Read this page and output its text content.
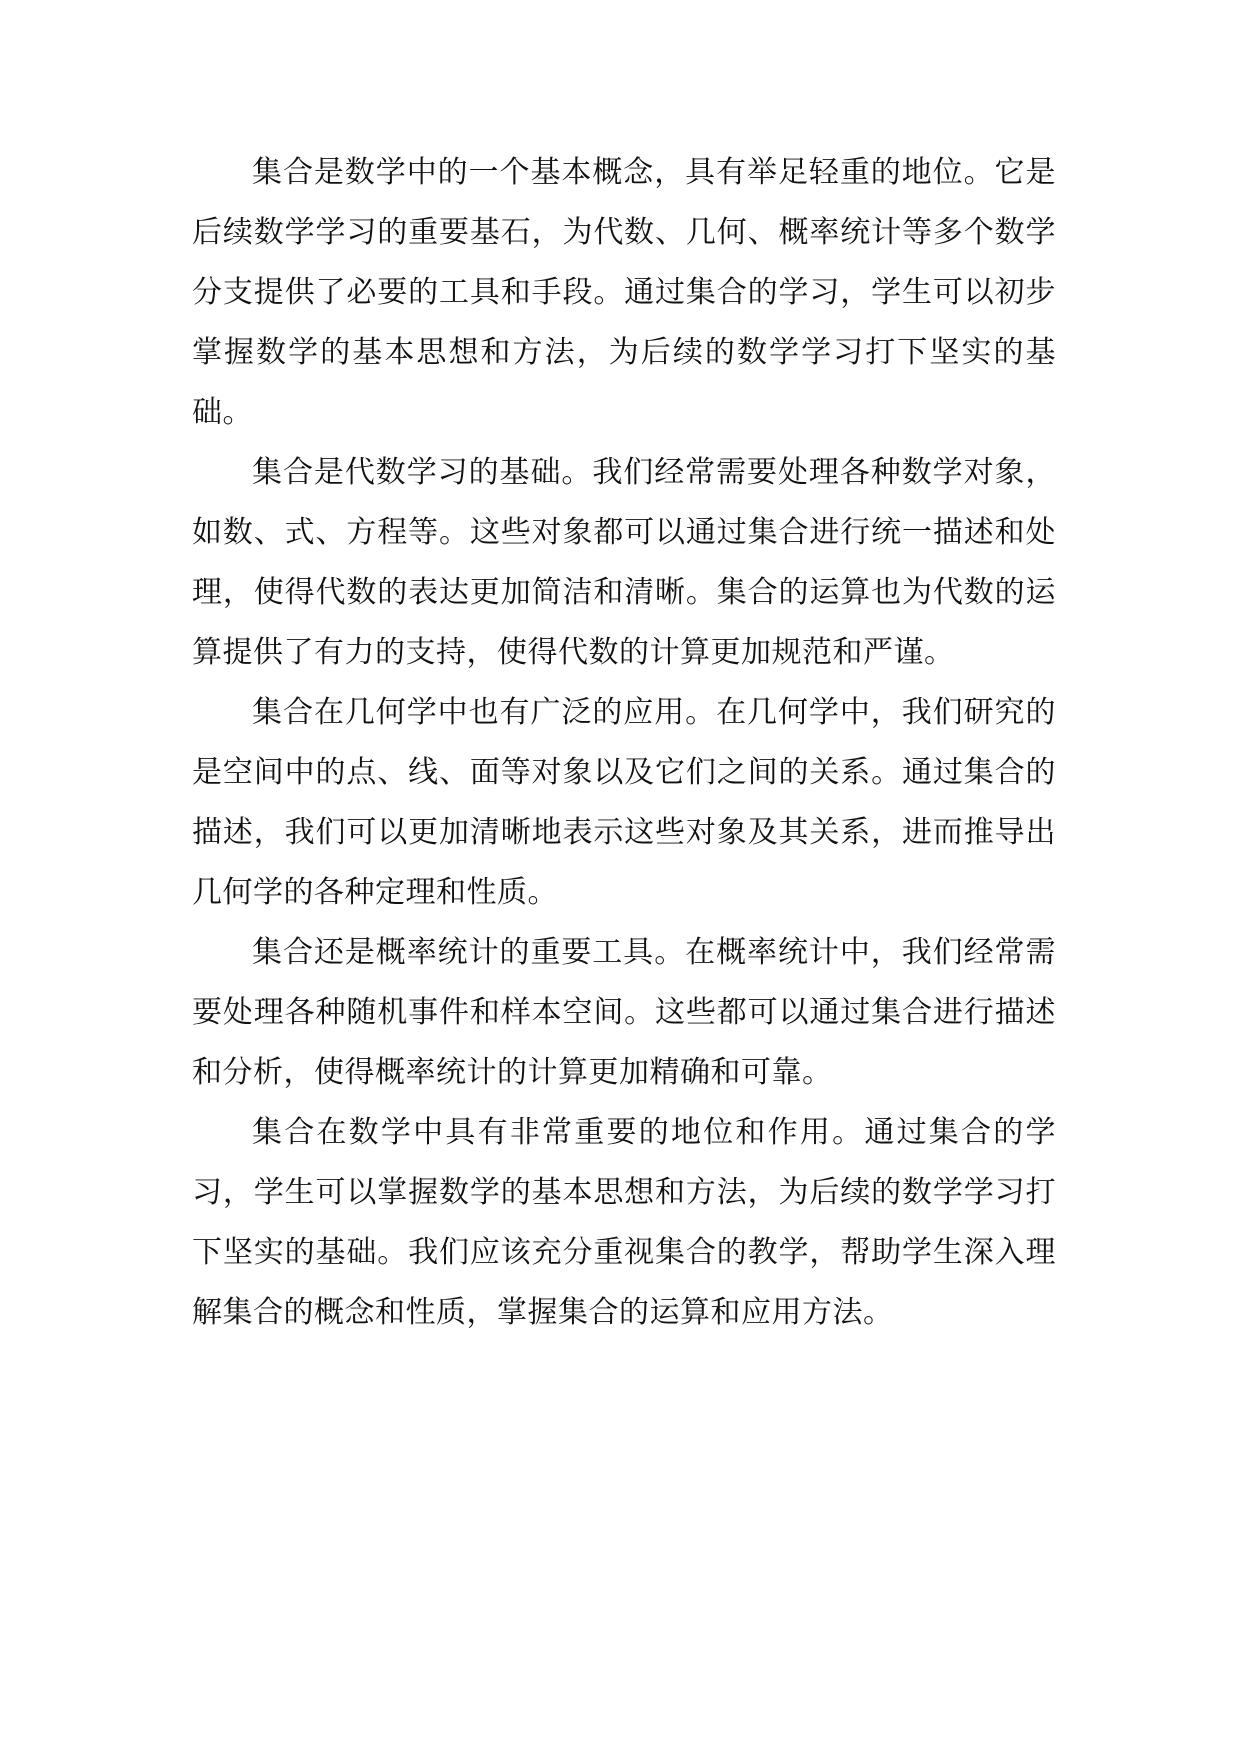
集合是数学中的一个基本概念，具有举足轻重的地位。它是后续数学学习的重要基石，为代数、几何、概率统计等多个数学分支提供了必要的工具和手段。通过集合的学习，学生可以初步掌握数学的基本思想和方法，为后续的数学学习打下坚实的基础。

集合是代数学习的基础。我们经常需要处理各种数学对象，如数、式、方程等。这些对象都可以通过集合进行统一描述和处理，使得代数的表达更加简洁和清晰。集合的运算也为代数的运算提供了有力的支持，使得代数的计算更加规范和严谨。

集合在几何学中也有广泛的应用。在几何学中，我们研究的是空间中的点、线、面等对象以及它们之间的关系。通过集合的描述，我们可以更加清晰地表示这些对象及其关系，进而推导出几何学的各种定理和性质。

集合还是概率统计的重要工具。在概率统计中，我们经常需要处理各种随机事件和样本空间。这些都可以通过集合进行描述和分析，使得概率统计的计算更加精确和可靠。

集合在数学中具有非常重要的地位和作用。通过集合的学习，学生可以掌握数学的基本思想和方法，为后续的数学学习打下坚实的基础。我们应该充分重视集合的教学，帮助学生深入理解集合的概念和性质，掌握集合的运算和应用方法。
